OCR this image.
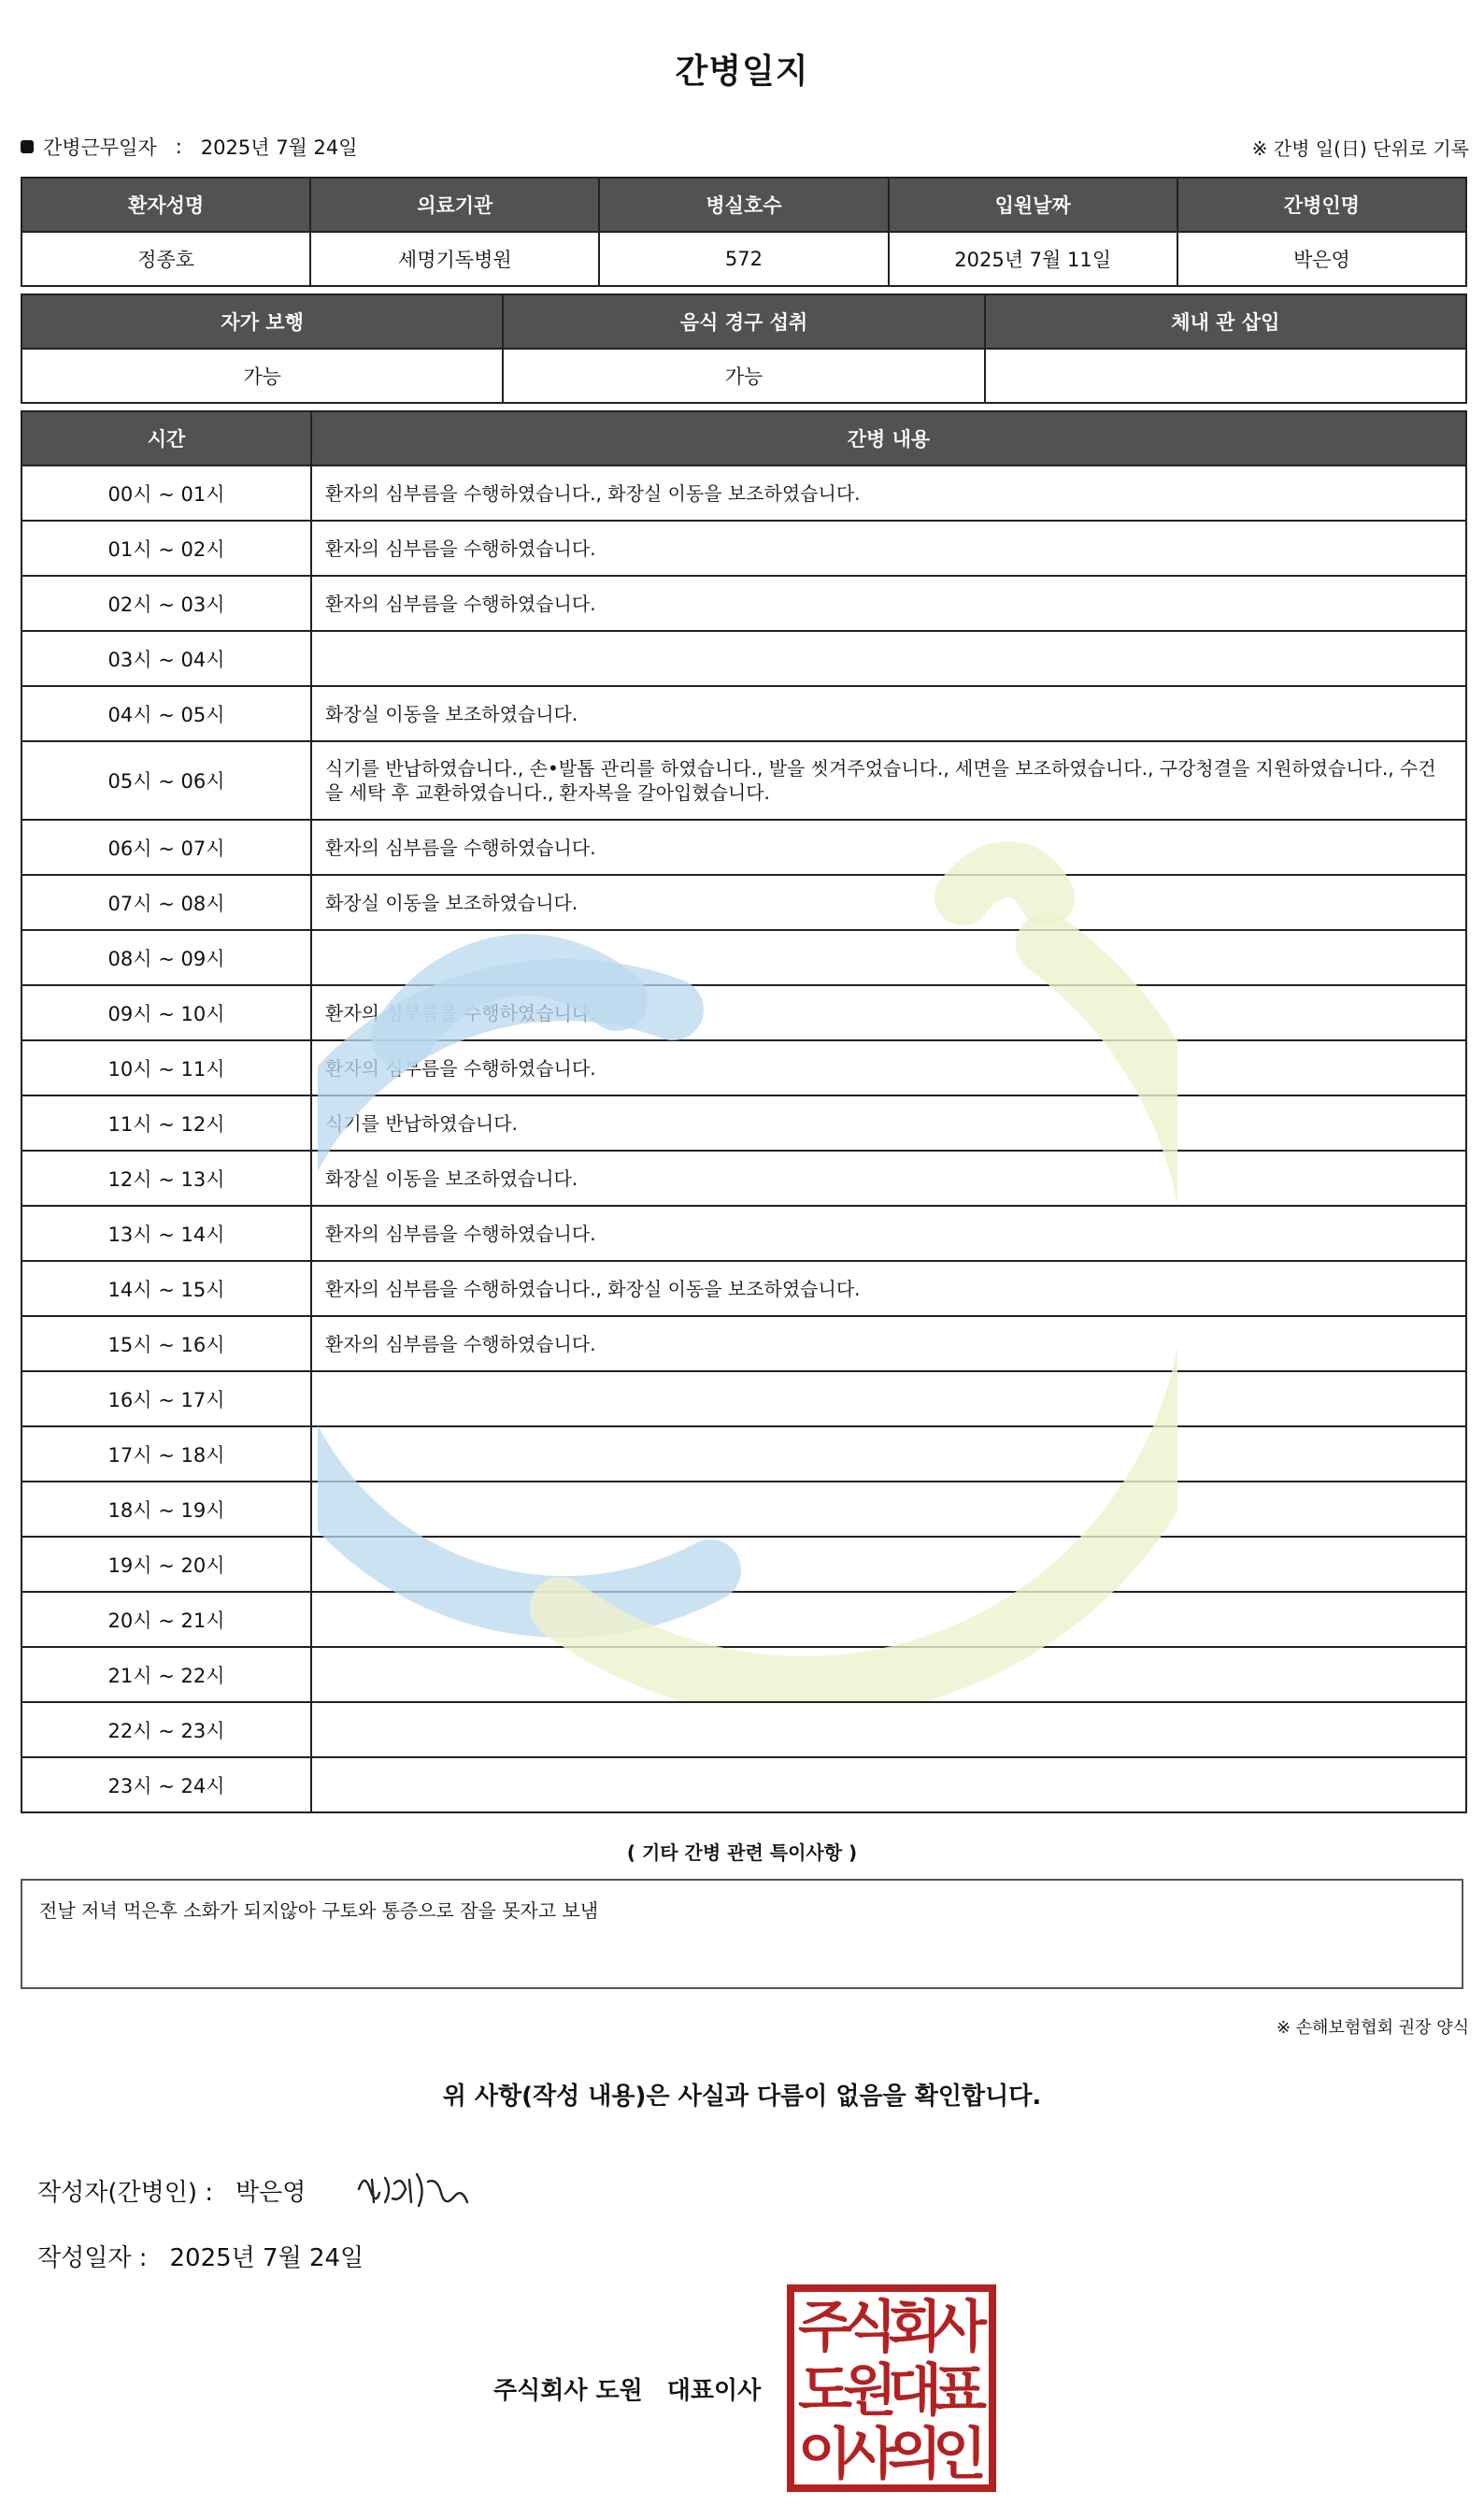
간병일지
간병근무일자 : 2025년 7월 24일	※ 간병 일(日) 단위로 기록
환자성명	의료기관	병실호수	입원날짜	간병인명
정종호	세명기독병원	572	2025년 7월 11일	박은영
자가 보행	음식 경구 섭취	체내 관 삽입
가능	가능	
시간	간병 내용
00시 ~ 01시	환자의 심부름을 수행하였습니다., 화장실 이동을 보조하였습니다.
01시 ~ 02시	환자의 심부름을 수행하였습니다.
02시 ~ 03시	환자의 심부름을 수행하였습니다.
03시 ~ 04시	
04시 ~ 05시	화장실 이동을 보조하였습니다.
05시 ~ 06시	식기를 반납하였습니다., 손•발톱 관리를 하였습니다., 발을 씻겨주었습니다., 세면을 보조하였습니다., 구강청결을 지원하였습니다., 수건을 세탁 후 교환하였습니다., 환자복을 갈아입혔습니다.
06시 ~ 07시	환자의 심부름을 수행하였습니다.
07시 ~ 08시	화장실 이동을 보조하였습니다.
08시 ~ 09시	
09시 ~ 10시	환자의 심부름을 수행하였습니다.
10시 ~ 11시	환자의 심부름을 수행하였습니다.
11시 ~ 12시	식기를 반납하였습니다.
12시 ~ 13시	화장실 이동을 보조하였습니다.
13시 ~ 14시	환자의 심부름을 수행하였습니다.
14시 ~ 15시	환자의 심부름을 수행하였습니다., 화장실 이동을 보조하였습니다.
15시 ~ 16시	환자의 심부름을 수행하였습니다.
16시 ~ 17시	
17시 ~ 18시	
18시 ~ 19시	
19시 ~ 20시	
20시 ~ 21시	
21시 ~ 22시	
22시 ~ 23시	
23시 ~ 24시	
( 기타 간병 관련 특이사항 )
전날 저녁 먹은후 소화가 되지않아 구토와 통증으로 잠을 못자고 보냄
※ 손해보험협회 권장 양식
위 사항(작성 내용)은 사실과 다름이 없음을 확인합니다.
작성자(간병인) : 박은영
작성일자 : 2025년 7월 24일
주식회사 도원 대표이사
주
식
회
사
도
원
대
표
이
사
의
인
